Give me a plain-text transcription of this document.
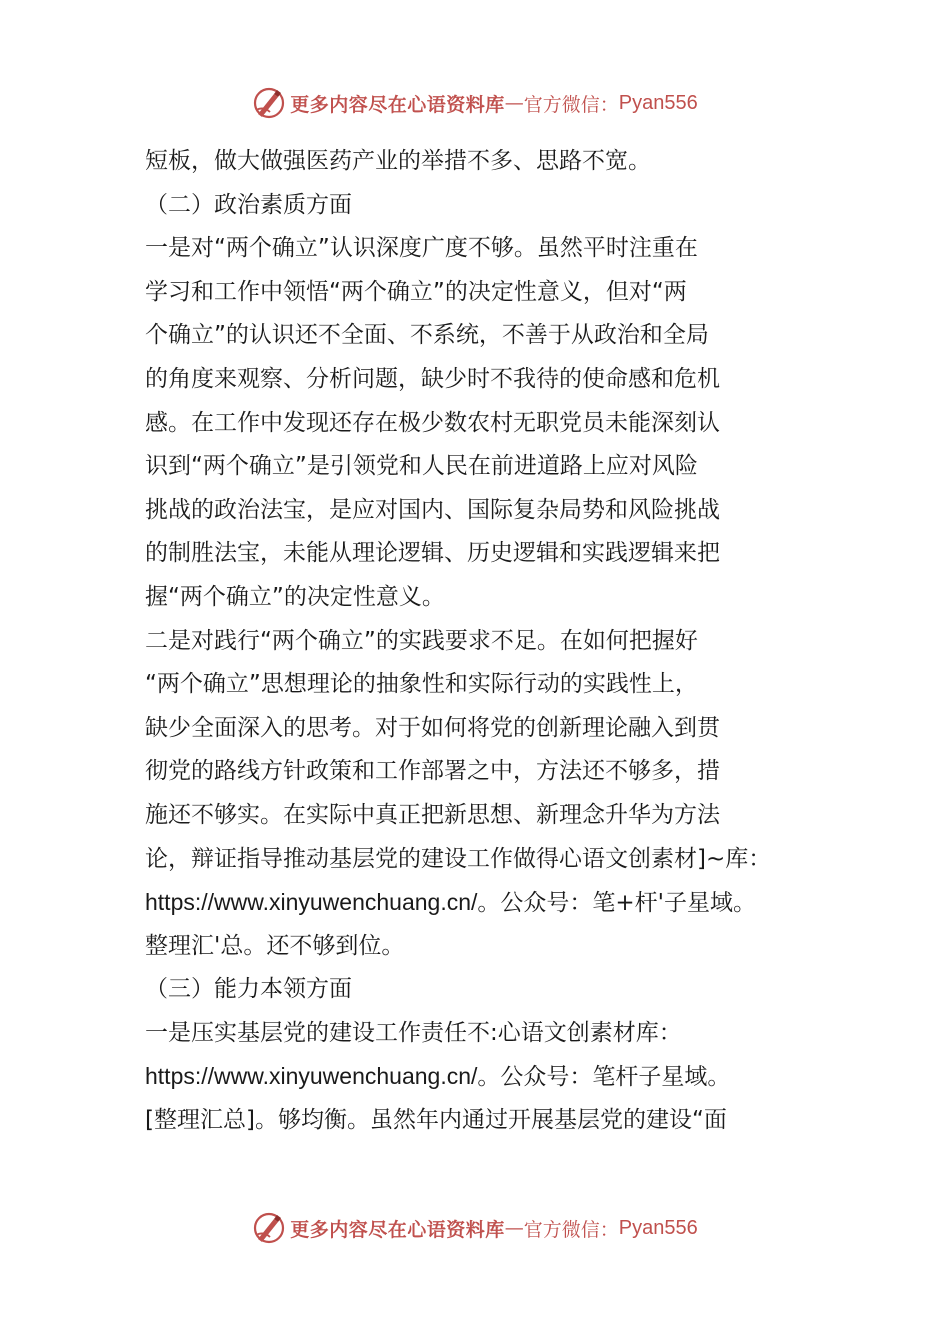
更多内容尽在心语资料库 — 官方微信： Pyan556
短板，做大做强医药产业的举措不多、思路不宽。
（二）政治素质方面
一是对“两个确立”认识深度广度不够。虽然平时注重在
学习和工作中领悟“两个确立”的决定性意义，但对“两
个确立”的认识还不全面、不系统，不善于从政治和全局
的角度来观察、分析问题，缺少时不我待的使命感和危机
感。在工作中发现还存在极少数农村无职党员未能深刻认
识到“两个确立”是引领党和人民在前进道路上应对风险
挑战的政治法宝，是应对国内、国际复杂局势和风险挑战
的制胜法宝，未能从理论逻辑、历史逻辑和实践逻辑来把
握“两个确立”的决定性意义。
二是对践行“两个确立”的实践要求不足。在如何把握好
“两个确立”思想理论的抽象性和实际行动的实践性上，
缺少全面深入的思考。对于如何将党的创新理论融入到贯
彻党的路线方针政策和工作部署之中，方法还不够多，措
施还不够实。在实际中真正把新思想、新理念升华为方法
论，辩证指导推动基层党的建设工作做得心语文创素材]~库：
https://www.xinyuwenchuang.cn/。公众号：笔+杆'子星域。
整理汇'总。还不够到位。
（三）能力本领方面
一是压实基层党的建设工作责任不:心语文创素材库：
https://www.xinyuwenchuang.cn/。公众号：笔杆子星域。
[整理汇总]。够均衡。虽然年内通过开展基层党的建设“面
更多内容尽在心语资料库 — 官方微信： Pyan556
